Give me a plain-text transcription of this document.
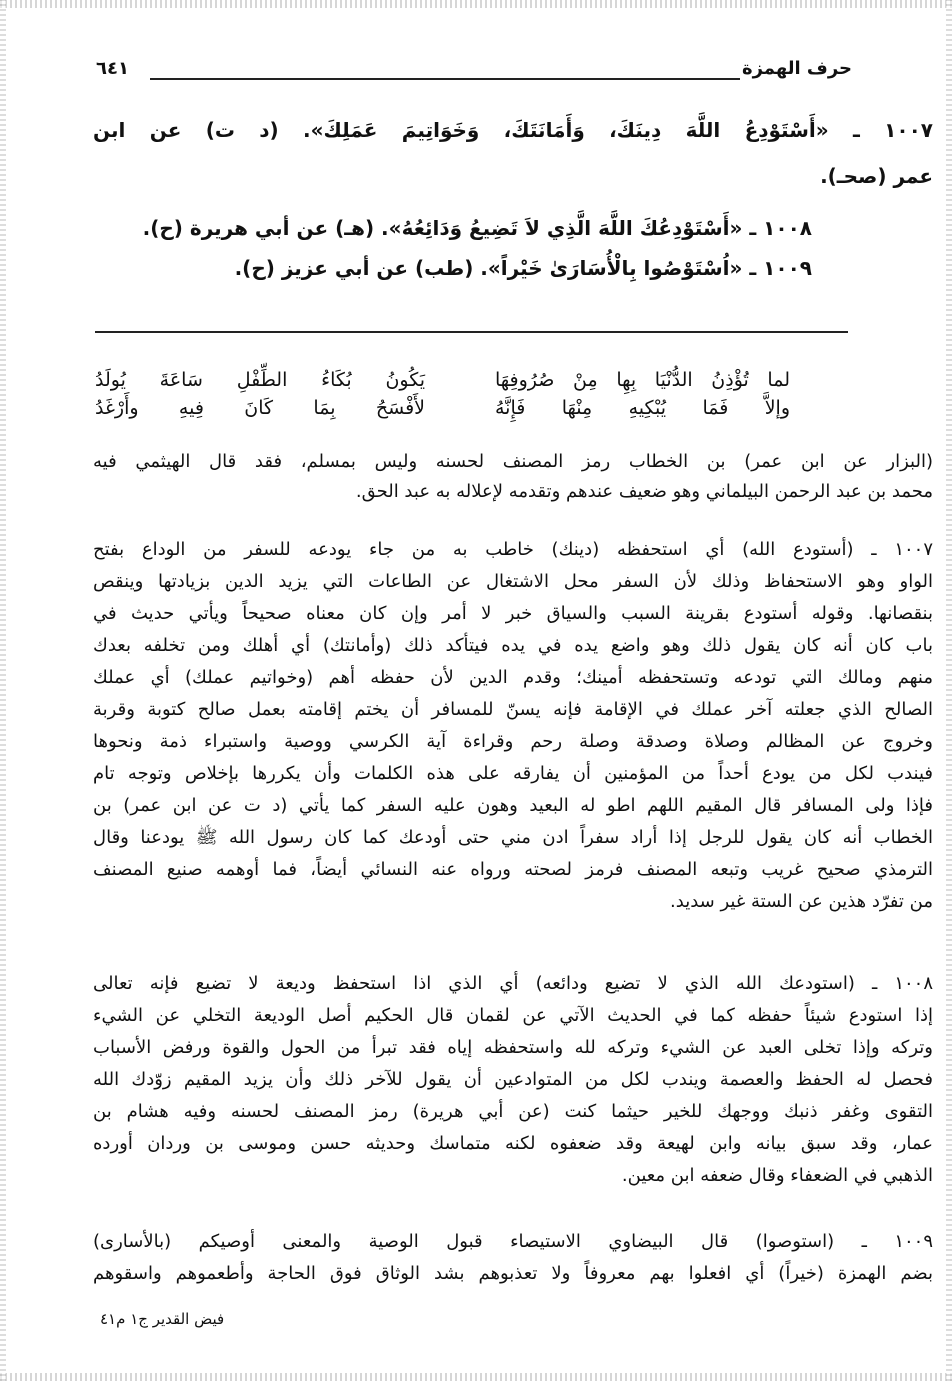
حرف الهمزة
٦٤١
١٠٠٧ ـ «أَسْتَوْدِعُ اللَّهَ دِينَكَ، وَأَمَانَتَكَ، وَخَوَاتِيمَ عَمَلِكَ». (د ت) عن ابن
عمر (صحـ).
١٠٠٨ ـ «أَسْتَوْدِعُكَ اللَّهَ الَّذِي لاَ تَضِيعُ وَدَائِعُهُ». (هـ) عن أبي هريرة (ح).
١٠٠٩ ـ «اُسْتَوْصُوا بِالْأُسَارَىٰ خَيْراً». (طب) عن أبي عزيز (ح).
لما تُؤْذِنُ الدُّنْيَا بِهِا مِنْ صُرُوفِهَا
يَكُونُ بُكَاءُ الطِّفْلِ سَاعَةَ يُولَدُ
وإلاَّ فَمَا يُبْكِيهِ مِنْهَا فَإِنَّهُ
لأَفْسَحُ بِمَا كَانَ فِيهِ وأَرْغَدُ
(البزار عن ابن عمر) بن الخطاب رمز المصنف لحسنه وليس بمسلم، فقد قال الهيثمي فيه
محمد بن عبد الرحمن البيلماني وهو ضعيف عندهم وتقدمه لإعلاله به عبد الحق.
١٠٠٧ ـ (أستودع الله) أي استحفظه (دينك) خاطب به من جاء يودعه للسفر من الوداع بفتح
الواو وهو الاستحفاظ وذلك لأن السفر محل الاشتغال عن الطاعات التي يزيد الدين بزيادتها وينقص
بنقصانها. وقوله أستودع بقرينة السبب والسياق خبر لا أمر وإن كان معناه صحيحاً ويأتي حديث في
باب كان أنه كان يقول ذلك وهو واضع يده في يده فيتأكد ذلك (وأمانتك) أي أهلك ومن تخلفه بعدك
منهم ومالك التي تودعه وتستحفظه أمينك؛ وقدم الدين لأن حفظه أهم (وخواتيم عملك) أي عملك
الصالح الذي جعلته آخر عملك في الإقامة فإنه يسنّ للمسافر أن يختم إقامته بعمل صالح كتوبة وقربة
وخروج عن المظالم وصلاة وصدقة وصلة رحم وقراءة آية الكرسي ووصية واستبراء ذمة ونحوها
فيندب لكل من يودع أحداً من المؤمنين أن يفارقه على هذه الكلمات وأن يكررها بإخلاص وتوجه تام
فإذا ولى المسافر قال المقيم اللهم اطو له البعيد وهون عليه السفر كما يأتي (د ت عن ابن عمر) بن
الخطاب أنه كان يقول للرجل إذا أراد سفراً ادن مني حتى أودعك كما كان رسول الله ﷺ يودعنا وقال
الترمذي صحيح غريب وتبعه المصنف فرمز لصحته ورواه عنه النسائي أيضاً، فما أوهمه صنيع المصنف
من تفرّد هذين عن الستة غير سديد.
١٠٠٨ ـ (استودعك الله الذي لا تضيع ودائعه) أي الذي اذا استحفظ وديعة لا تضيع فإنه تعالى
إذا استودع شيئاً حفظه كما في الحديث الآتي عن لقمان قال الحكيم أصل الوديعة التخلي عن الشيء
وتركه وإذا تخلى العبد عن الشيء وتركه لله واستحفظه إياه فقد تبرأ من الحول والقوة ورفض الأسباب
فحصل له الحفظ والعصمة ويندب لكل من المتوادعين أن يقول للآخر ذلك وأن يزيد المقيم زوّدك الله
التقوى وغفر ذنبك ووجهك للخير حيثما كنت (عن أبي هريرة) رمز المصنف لحسنه وفيه هشام بن
عمار، وقد سبق بيانه وابن لهيعة وقد ضعفوه لكنه متماسك وحديثه حسن وموسى بن وردان أورده
الذهبي في الضعفاء وقال ضعفه ابن معين.
١٠٠٩ ـ (استوصوا) قال البيضاوي الاستيصاء قبول الوصية والمعنى أوصيكم (بالأسارى)
بضم الهمزة (خيراً) أي افعلوا بهم معروفاً ولا تعذبوهم بشد الوثاق فوق الحاجة وأطعموهم واسقوهم
فيض القدير ج١ م٤١
